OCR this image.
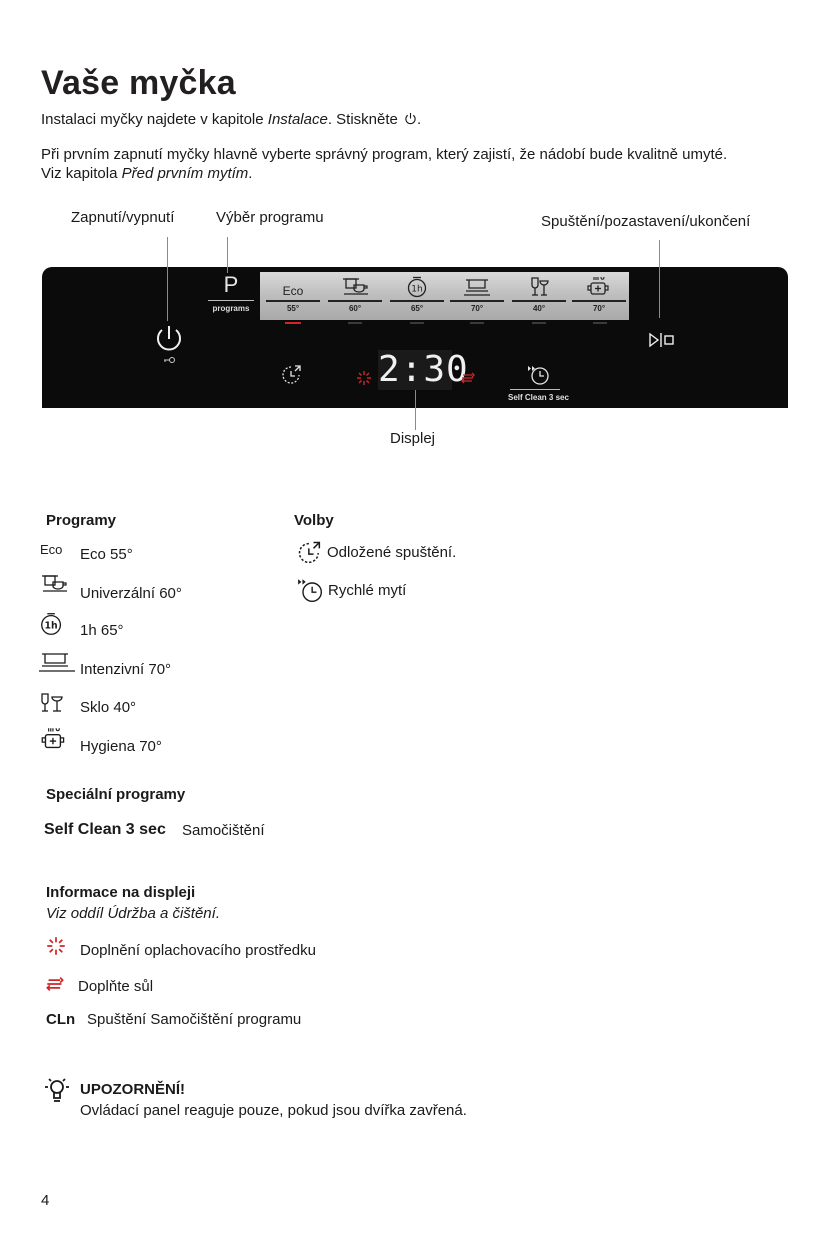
Vaše myčka
Instalaci myčky najdete v kapitole Instalace. Stiskněte .
Při prvním zapnutí myčky hlavně vyberte správný program, který zajistí, že nádobí bude kvalitně umyté.
Viz kapitola Před prvním mytím.
Zapnutí/vypnutí	Výběr programu	Spuštění/pozastavení/ukončení
P
programs
Eco
55°	60°
1h
65°	70°	40°	70°
2:30
Self Clean 3 sec
Displej
Programy
Eco Eco 55°
Univerzální 60°
1h 1h 65°
Intenzivní 70°
Sklo 40°
Hygiena 70°
Volby
Odložené spuštění.
Rychlé mytí
Speciální programy
Self Clean 3 sec Samočištění
Informace na displeji
Viz oddíl Údržba a čištění.
Doplnění oplachovacího prostředku
Doplňte sůl
CLn Spuštění Samočištění programu
UPOZORNĚNÍ!
Ovládací panel reaguje pouze, pokud jsou dvířka zavřená.
4
